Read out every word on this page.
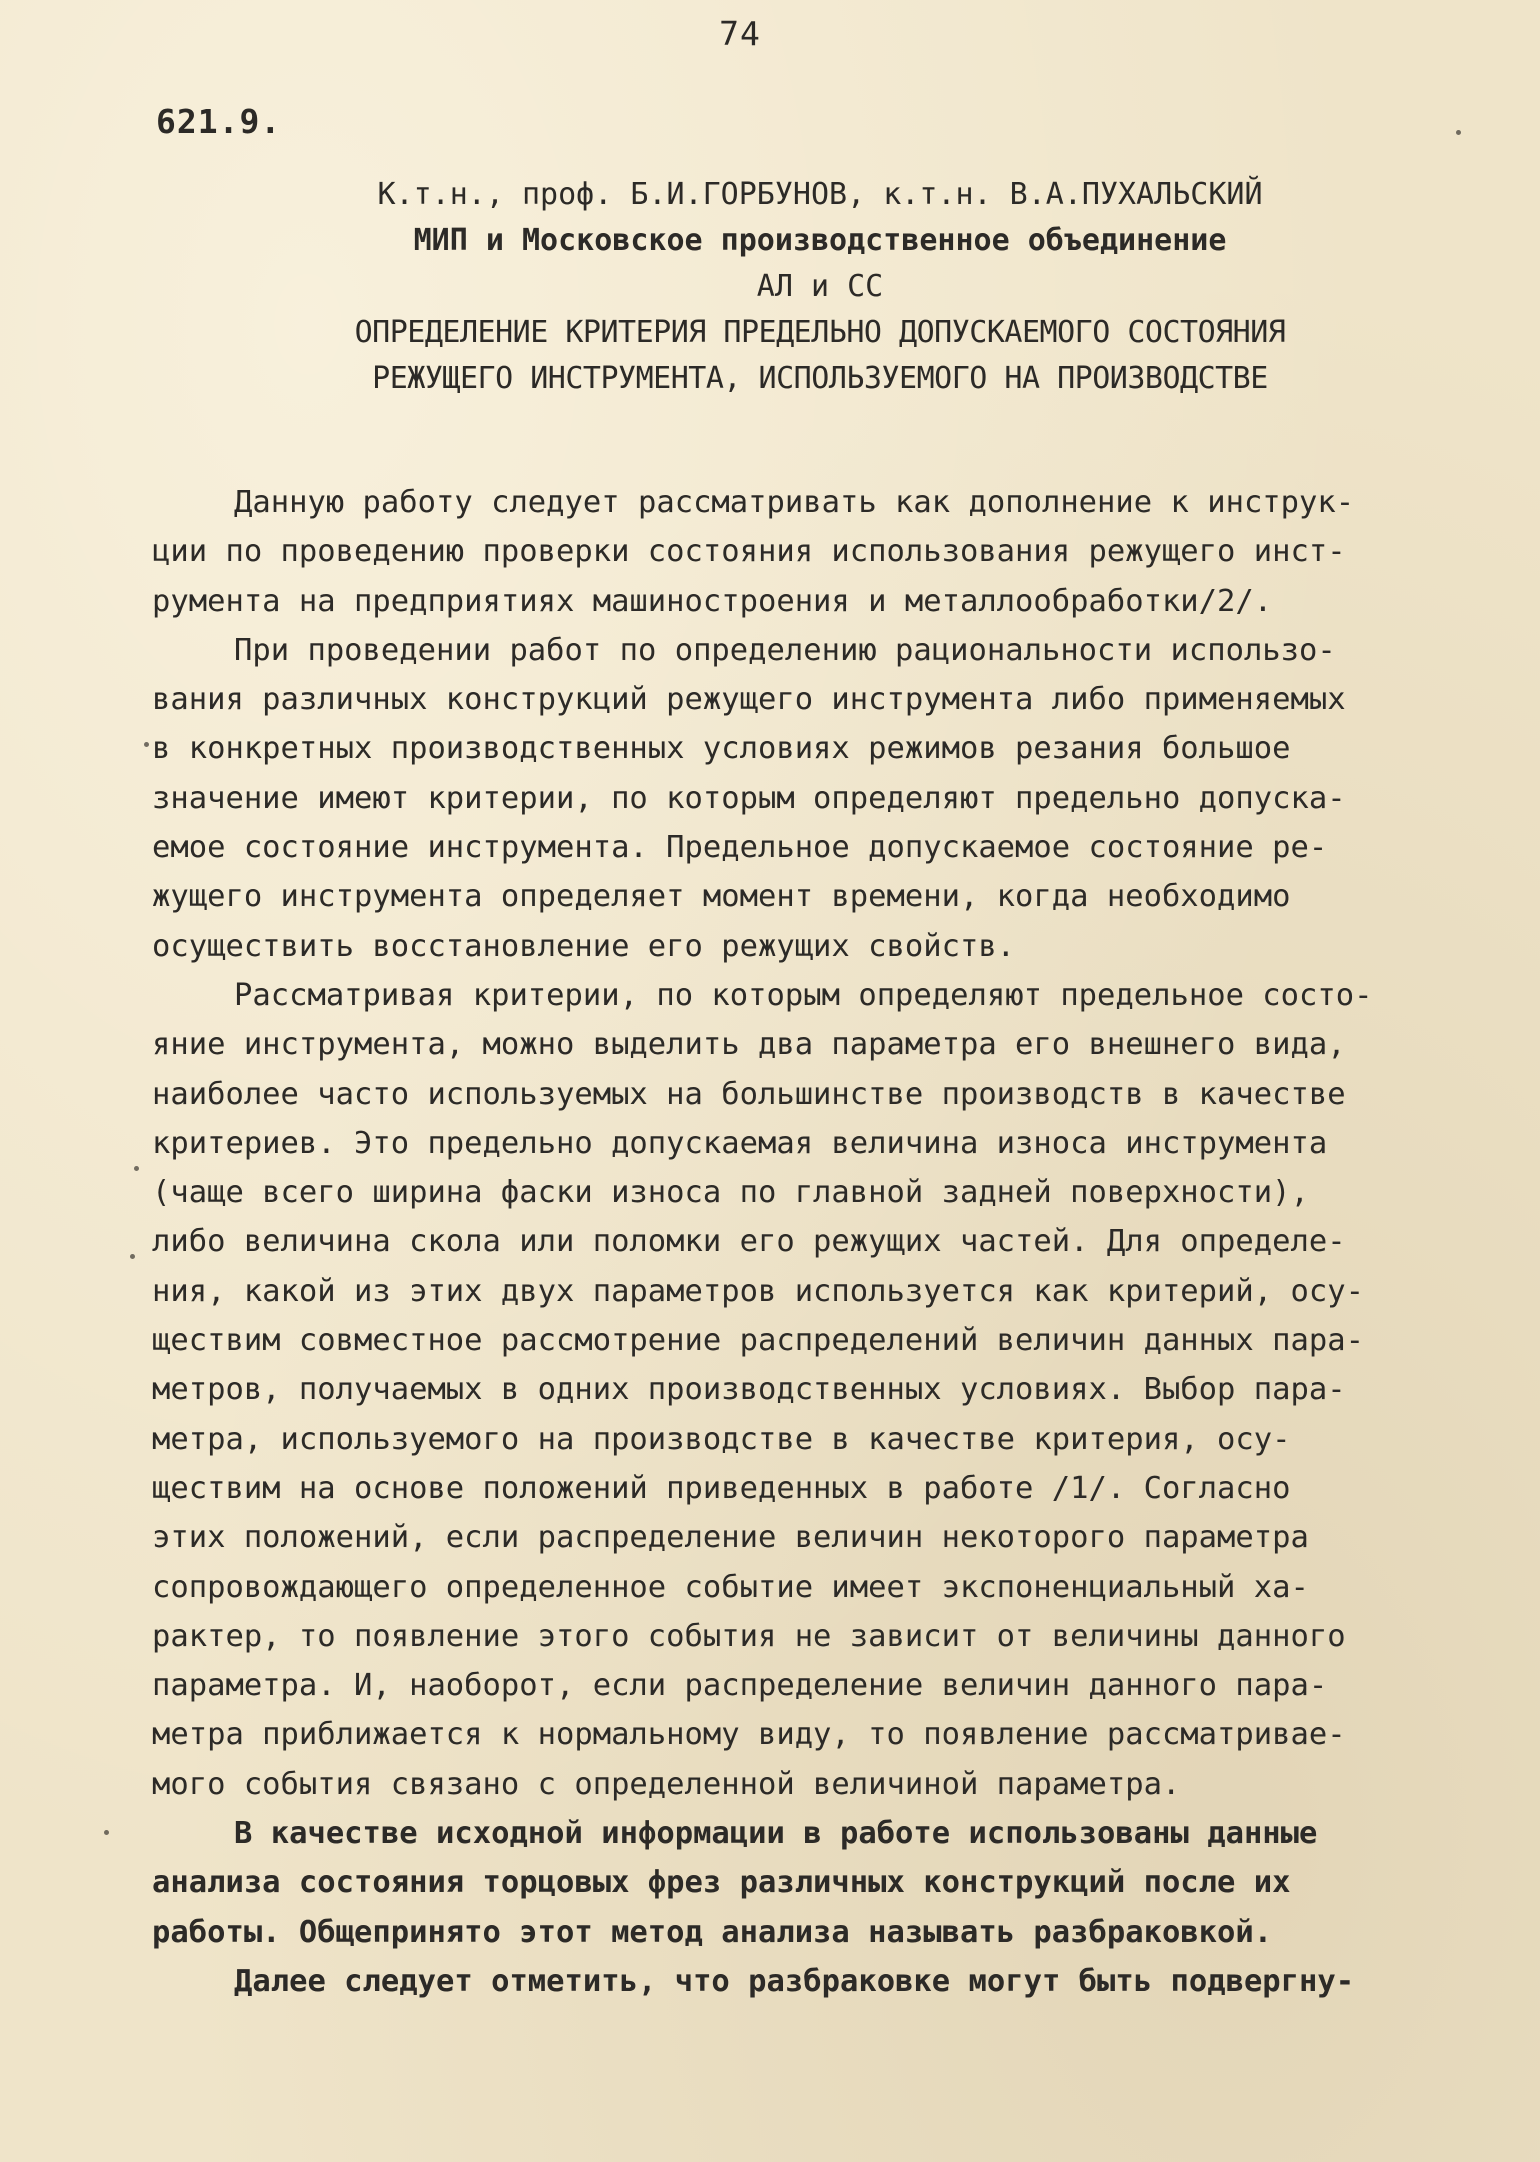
74
621.9.
К.т.н., проф. Б.И.ГОРБУНОВ, к.т.н. В.А.ПУХАЛЬСКИЙ
МИП и Московское производственное объединение
АЛ и СС
ОПРЕДЕЛЕНИЕ КРИТЕРИЯ ПРЕДЕЛЬНО ДОПУСКАЕМОГО СОСТОЯНИЯ
РЕЖУЩЕГО ИНСТРУМЕНТА, ИСПОЛЬЗУЕМОГО НА ПРОИЗВОДСТВЕ
Данную работу следует рассматривать как дополнение к инструк-
ции по проведению проверки состояния использования режущего инст-
румента на предприятиях машиностроения и металлообработки/2/.
При проведении работ по определению рациональности использо-
вания различных конструкций режущего инструмента либо применяемых
в конкретных производственных условиях режимов резания большое
значение имеют критерии, по которым определяют предельно допуска-
емое состояние инструмента. Предельное допускаемое состояние ре-
жущего инструмента определяет момент времени, когда необходимо
осуществить восстановление его режущих свойств.
Рассматривая критерии, по которым определяют предельное состо-
яние инструмента, можно выделить два параметра его внешнего вида,
наиболее часто используемых на большинстве производств в качестве
критериев. Это предельно допускаемая величина износа инструмента
(чаще всего ширина фаски износа по главной задней поверхности),
либо величина скола или поломки его режущих частей. Для определе-
ния, какой из этих двух параметров используется как критерий, осу-
ществим совместное рассмотрение распределений величин данных пара-
метров, получаемых в одних производственных условиях. Выбор пара-
метра, используемого на производстве в качестве критерия, осу-
ществим на основе положений приведенных в работе /1/. Согласно
этих положений, если распределение величин некоторого параметра
сопровождающего определенное событие имеет экспоненциальный ха-
рактер, то появление этого события не зависит от величины данного
параметра. И, наоборот, если распределение величин данного пара-
метра приближается к нормальному виду, то появление рассматривае-
мого события связано с определенной величиной параметра.
В качестве исходной информации в работе использованы данные
анализа состояния торцовых фрез различных конструкций после их
работы. Общепринято этот метод анализа называть разбраковкой.
Далее следует отметить, что разбраковке могут быть подвергну-
